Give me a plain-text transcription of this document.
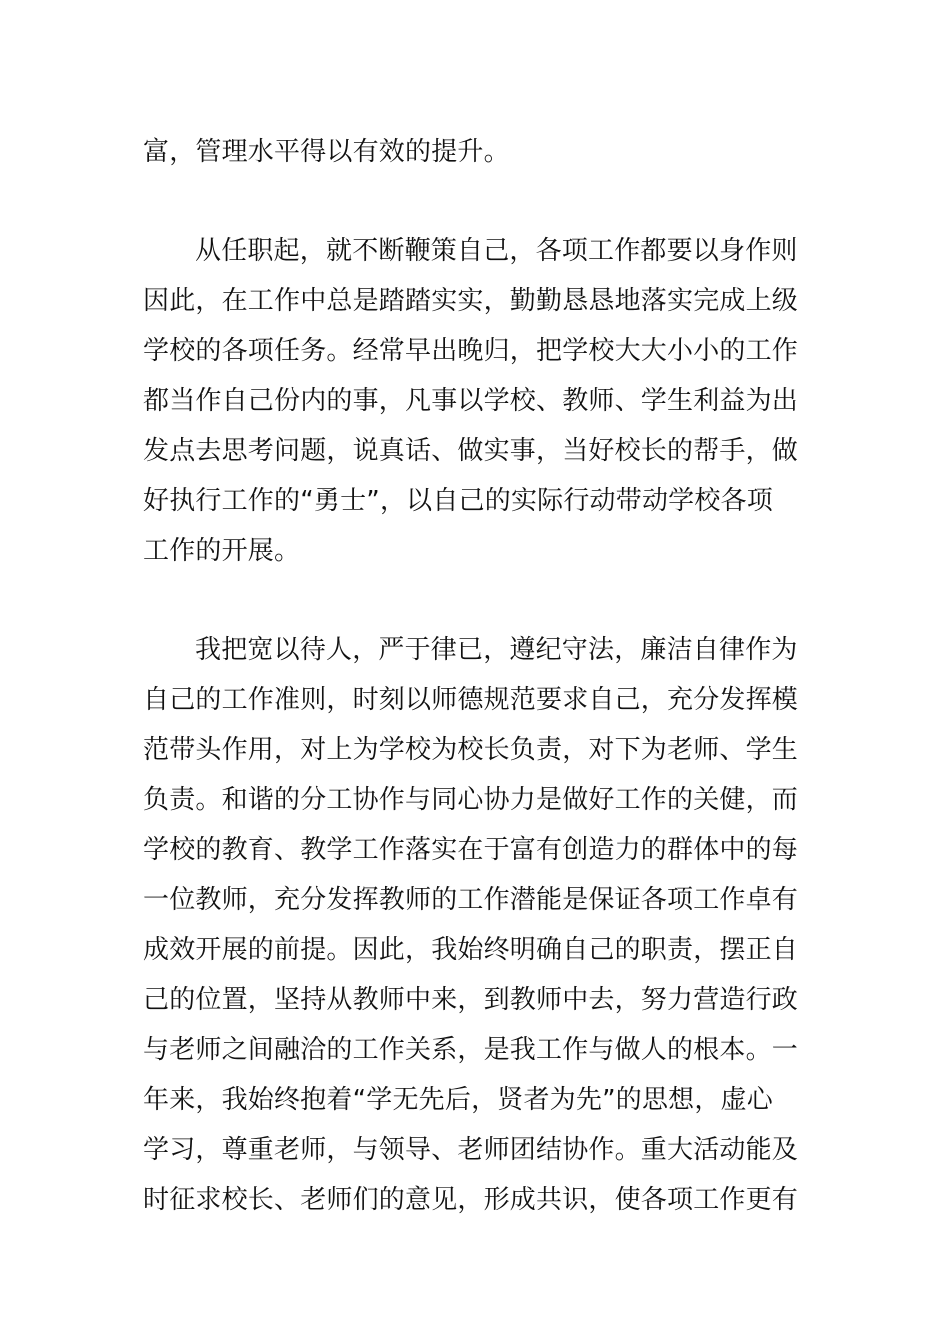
富，管理水平得以有效的提升。
从任职起，就不断鞭策自己，各项工作都要以身作则
因此，在工作中总是踏踏实实，勤勤恳恳地落实完成上级
学校的各项任务。经常早出晚归，把学校大大小小的工作
都当作自己份内的事，凡事以学校、教师、学生利益为出
发点去思考问题，说真话、做实事，当好校长的帮手，做
好执行工作的“勇士”，以自己的实际行动带动学校各项
工作的开展。
我把宽以待人，严于律已，遵纪守法，廉洁自律作为
自己的工作准则，时刻以师德规范要求自己，充分发挥模
范带头作用，对上为学校为校长负责，对下为老师、学生
负责。和谐的分工协作与同心协力是做好工作的关健，而
学校的教育、教学工作落实在于富有创造力的群体中的每
一位教师，充分发挥教师的工作潜能是保证各项工作卓有
成效开展的前提。因此，我始终明确自己的职责，摆正自
己的位置，坚持从教师中来，到教师中去，努力营造行政
与老师之间融洽的工作关系，是我工作与做人的根本。一
年来，我始终抱着“学无先后，贤者为先”的思想，虚心
学习，尊重老师，与领导、老师团结协作。重大活动能及
时征求校长、老师们的意见，形成共识，使各项工作更有
